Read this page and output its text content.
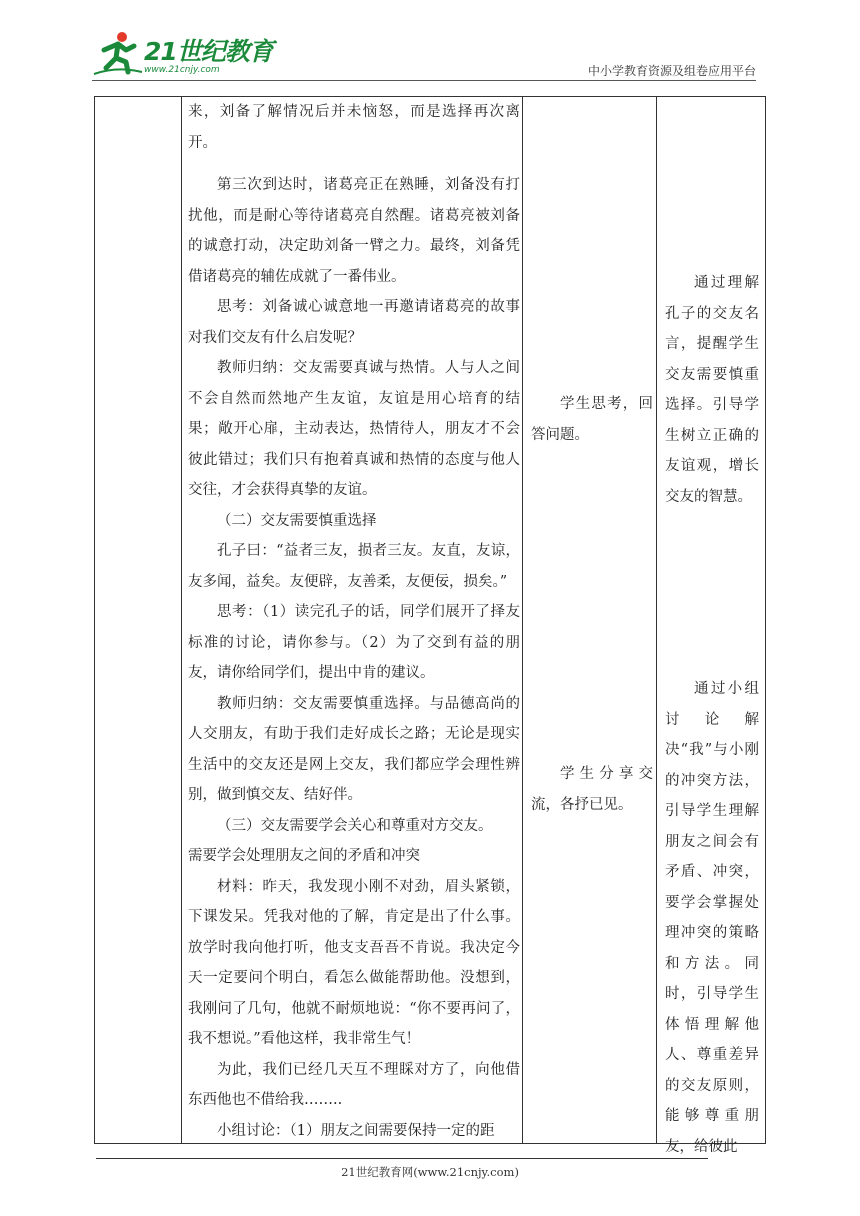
21世纪教育
www.21cnjy.com	中小学教育资源及组卷应用平台

来，刘备了解情况后并未恼怒，而是选择再次离开。

第三次到达时，诸葛亮正在熟睡，刘备没有打扰他，而是耐心等待诸葛亮自然醒。诸葛亮被刘备的诚意打动，决定助刘备一臂之力。最终，刘备凭借诸葛亮的辅佐成就了一番伟业。

思考：刘备诚心诚意地一再邀请诸葛亮的故事对我们交友有什么启发呢？

教师归纳：交友需要真诚与热情。人与人之间不会自然而然地产生友谊，友谊是用心培育的结果；敞开心扉，主动表达，热情待人，朋友才不会彼此错过；我们只有抱着真诚和热情的态度与他人交往，才会获得真挚的友谊。

（二）交友需要慎重选择

孔子曰：“益者三友，损者三友。友直，友谅，友多闻，益矣。友便辟，友善柔，友便佞，损矣。”

思考：（1）读完孔子的话，同学们展开了择友标准的讨论，请你参与。（2）为了交到有益的朋友，请你给同学们，提出中肯的建议。

教师归纳：交友需要慎重选择。与品德高尚的人交朋友，有助于我们走好成长之路；无论是现实生活中的交友还是网上交友，我们都应学会理性辨别，做到慎交友、结好伴。

（三）交友需要学会关心和尊重对方交友。

需要学会处理朋友之间的矛盾和冲突

材料：昨天，我发现小刚不对劲，眉头紧锁，下课发呆。凭我对他的了解，肯定是出了什么事。放学时我向他打听，他支支吾吾不肯说。我决定今天一定要问个明白，看怎么做能帮助他。没想到，我刚问了几句，他就不耐烦地说：“你不要再问了，我不想说。”看他这样，我非常生气！

为此，我们已经几天互不理睬对方了，向他借东西他也不借给我……..

小组讨论：（1）朋友之间需要保持一定的距

学生思考，回答问题。

学生分享交流，各抒已见。

通过理解孔子的交友名言，提醒学生交友需要慎重选择。引导学生树立正确的友谊观，增长交友的智慧。

通过小组讨论解决“我”与小刚的冲突方法，引导学生理解朋友之间会有矛盾、冲突，要学会掌握处理冲突的策略和方法。同时，引导学生体悟理解他人、尊重差异的交友原则，能够尊重朋友，给彼此

21世纪教育网(www.21cnjy.com)
